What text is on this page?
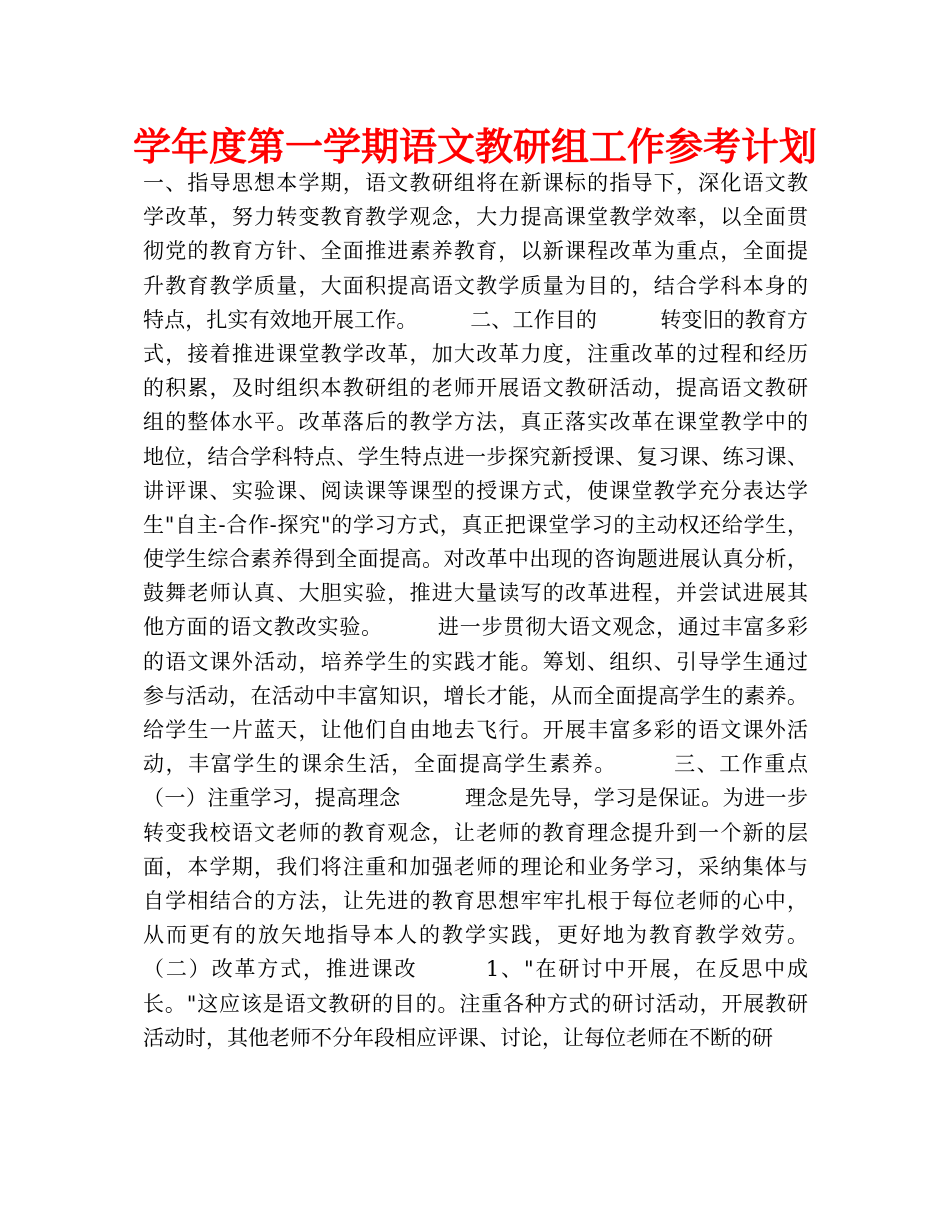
学年度第一学期语文教研组工作参考计划
一、指导思想本学期，语文教研组将在新课标的指导下，深化语文教
学改革，努力转变教育教学观念，大力提高课堂教学效率，以全面贯
彻党的教育方针、全面推进素养教育，以新课程改革为重点，全面提
升教育教学质量，大面积提高语文教学质量为目的，结合学科本身的
特点，扎实有效地开展工作。　　　二、工作目的　　　转变旧的教育方
式，接着推进课堂教学改革，加大改革力度，注重改革的过程和经历
的积累，及时组织本教研组的老师开展语文教研活动，提高语文教研
组的整体水平。改革落后的教学方法，真正落实改革在课堂教学中的
地位，结合学科特点、学生特点进一步探究新授课、复习课、练习课、
讲评课、实验课、阅读课等课型的授课方式，使课堂教学充分表达学
生"自主-合作-探究"的学习方式，真正把课堂学习的主动权还给学生，
使学生综合素养得到全面提高。对改革中出现的咨询题进展认真分析，
鼓舞老师认真、大胆实验，推进大量读写的改革进程，并尝试进展其
他方面的语文教改实验。　　　进一步贯彻大语文观念，通过丰富多彩
的语文课外活动，培养学生的实践才能。筹划、组织、引导学生通过
参与活动，在活动中丰富知识，增长才能，从而全面提高学生的素养。
给学生一片蓝天，让他们自由地去飞行。开展丰富多彩的语文课外活
动，丰富学生的课余生活，全面提高学生素养。　　　三、工作重点
（一）注重学习，提高理念　　　理念是先导，学习是保证。为进一步
转变我校语文老师的教育观念，让老师的教育理念提升到一个新的层
面，本学期，我们将注重和加强老师的理论和业务学习，采纳集体与
自学相结合的方法，让先进的教育思想牢牢扎根于每位老师的心中，
从而更有的放矢地指导本人的教学实践，更好地为教育教学效劳。
（二）改革方式，推进课改　　　1、"在研讨中开展，在反思中成
长。"这应该是语文教研的目的。注重各种方式的研讨活动，开展教研
活动时，其他老师不分年段相应评课、讨论，让每位老师在不断的研
